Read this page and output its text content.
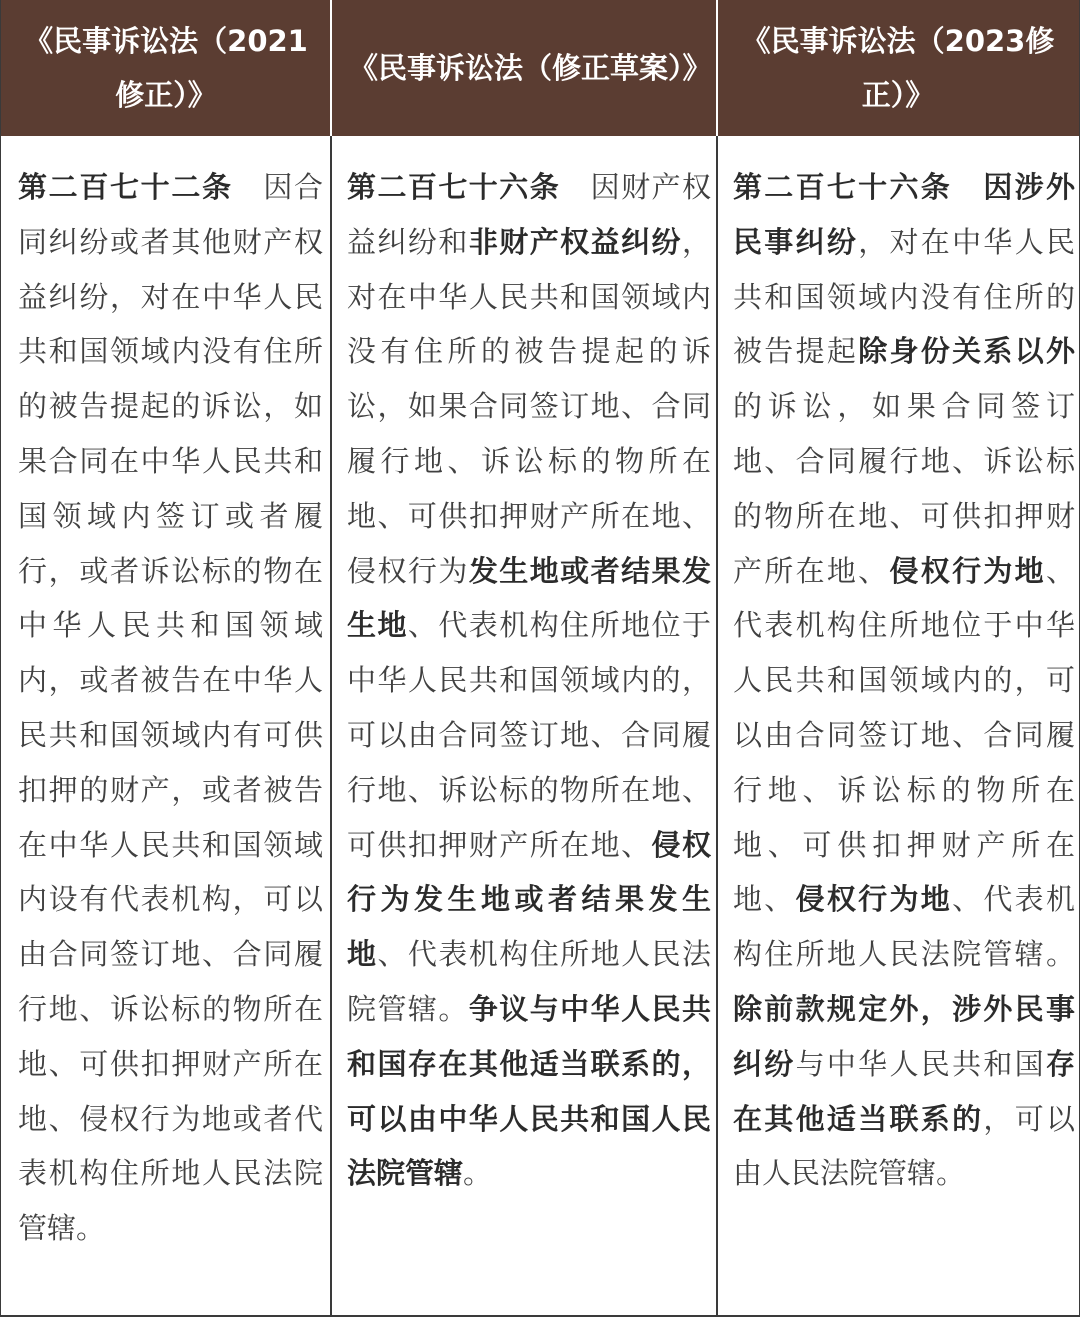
《民事诉讼法（2021修正）》
《民事诉讼法（修正草案）》
《民事诉讼法（2023修正）》

第二百七十二条　因合同纠纷或者其他财产权益纠纷，对在中华人民共和国领域内没有住所的被告提起的诉讼，如果合同在中华人民共和国领域内签订或者履行，或者诉讼标的物在中华人民共和国领域内，或者被告在中华人民共和国领域内有可供扣押的财产，或者被告在中华人民共和国领域内设有代表机构，可以由合同签订地、合同履行地、诉讼标的物所在地、可供扣押财产所在地、侵权行为地或者代表机构住所地人民法院管辖。

第二百七十六条　因财产权益纠纷和非财产权益纠纷，对在中华人民共和国领域内没有住所的被告提起的诉讼，如果合同签订地、合同履行地、诉讼标的物所在地、可供扣押财产所在地、侵权行为发生地或者结果发生地、代表机构住所地位于中华人民共和国领域内的，可以由合同签订地、合同履行地、诉讼标的物所在地、可供扣押财产所在地、侵权行为发生地或者结果发生地、代表机构住所地人民法院管辖。争议与中华人民共和国存在其他适当联系的，可以由中华人民共和国人民法院管辖。

第二百七十六条　 因涉外民事纠纷，对在中华人民共和国领域内没有住所的被告提起除身份关系以外的诉讼，如果合同签订地、合同履行地、诉讼标的物所在地、可供扣押财产所在地、侵权行为地、代表机构住所地位于中华人民共和国领域内的，可以由合同签订地、合同履行地、诉讼标的物所在地、可供扣押财产所在地、侵权行为地、代表机构住所地人民法院管辖。除前款规定外，涉外民事纠纷与中华人民共和国存在其他适当联系的，可以由人民法院管辖。
